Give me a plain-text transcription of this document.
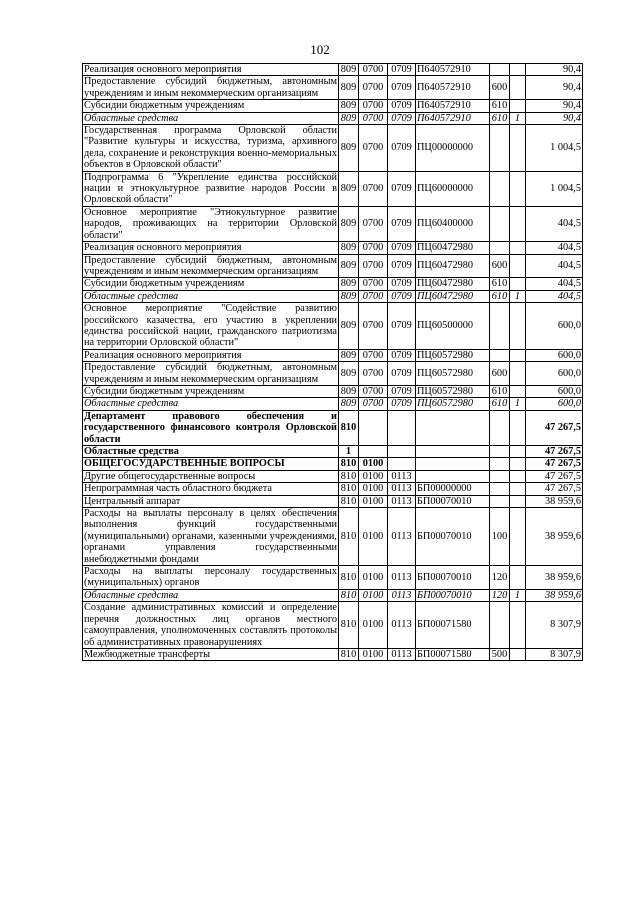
102
Реализация основного мероприятия	809	0700	0709	П640572910			90,4
Предоставление субсидий бюджетным, автономным учреждениям и иным некоммерческим организациям	809	0700	0709	П640572910	600		90,4
Субсидии бюджетным учреждениям	809	0700	0709	П640572910	610		90,4
Областные средства	809	0700	0709	П640572910	610	1	90,4
Государственная программа Орловской области "Развитие культуры и искусства, туризма, архивного дела, сохранение и реконструкция военно-мемориальных объектов в Орловской области"	809	0700	0709	ПЦ00000000			1 004,5
Подпрограмма 6 "Укрепление единства российской нации и этнокультурное развитие народов России в Орловской области"	809	0700	0709	ПЦ60000000			1 004,5
Основное мероприятие "Этнокультурное развитие народов, проживающих на территории Орловской области"	809	0700	0709	ПЦ60400000			404,5
Реализация основного мероприятия	809	0700	0709	ПЦ60472980			404,5
Предоставление субсидий бюджетным, автономным учреждениям и иным некоммерческим организациям	809	0700	0709	ПЦ60472980	600		404,5
Субсидии бюджетным учреждениям	809	0700	0709	ПЦ60472980	610		404,5
Областные средства	809	0700	0709	ПЦ60472980	610	1	404,5
Основное мероприятие "Содействие развитию российского казачества, его участию в укреплении единства российской нации, гражданского патриотизма на территории Орловской области"	809	0700	0709	ПЦ60500000			600,0
Реализация основного мероприятия	809	0700	0709	ПЦ60572980			600,0
Предоставление субсидий бюджетным, автономным учреждениям и иным некоммерческим организациям	809	0700	0709	ПЦ60572980	600		600,0
Субсидии бюджетным учреждениям	809	0700	0709	ПЦ60572980	610		600,0
Областные средства	809	0700	0709	ПЦ60572980	610	1	600,0
Департамент правового обеспечения и государственного финансового контроля Орловской области	810						47 267,5
Областные средства	1						47 267,5
ОБЩЕГОСУДАРСТВЕННЫЕ ВОПРОСЫ	810	0100					47 267,5
Другие общегосударственные вопросы	810	0100	0113				47 267,5
Непрограммная часть областного бюджета	810	0100	0113	БП00000000			47 267,5
Центральный аппарат	810	0100	0113	БП00070010			38 959,6
Расходы на выплаты персоналу в целях обеспечения выполнения функций государственными (муниципальными) органами, казенными учреждениями, органами управления государственными внебюджетными фондами	810	0100	0113	БП00070010	100		38 959,6
Расходы на выплаты персоналу государственных (муниципальных) органов	810	0100	0113	БП00070010	120		38 959,6
Областные средства	810	0100	0113	БП00070010	120	1	38 959,6
Создание административных комиссий и определение перечня должностных лиц органов местного самоуправления, уполномоченных составлять протоколы об административных правонарушениях	810	0100	0113	БП00071580			8 307,9
Межбюджетные трансферты	810	0100	0113	БП00071580	500		8 307,9
